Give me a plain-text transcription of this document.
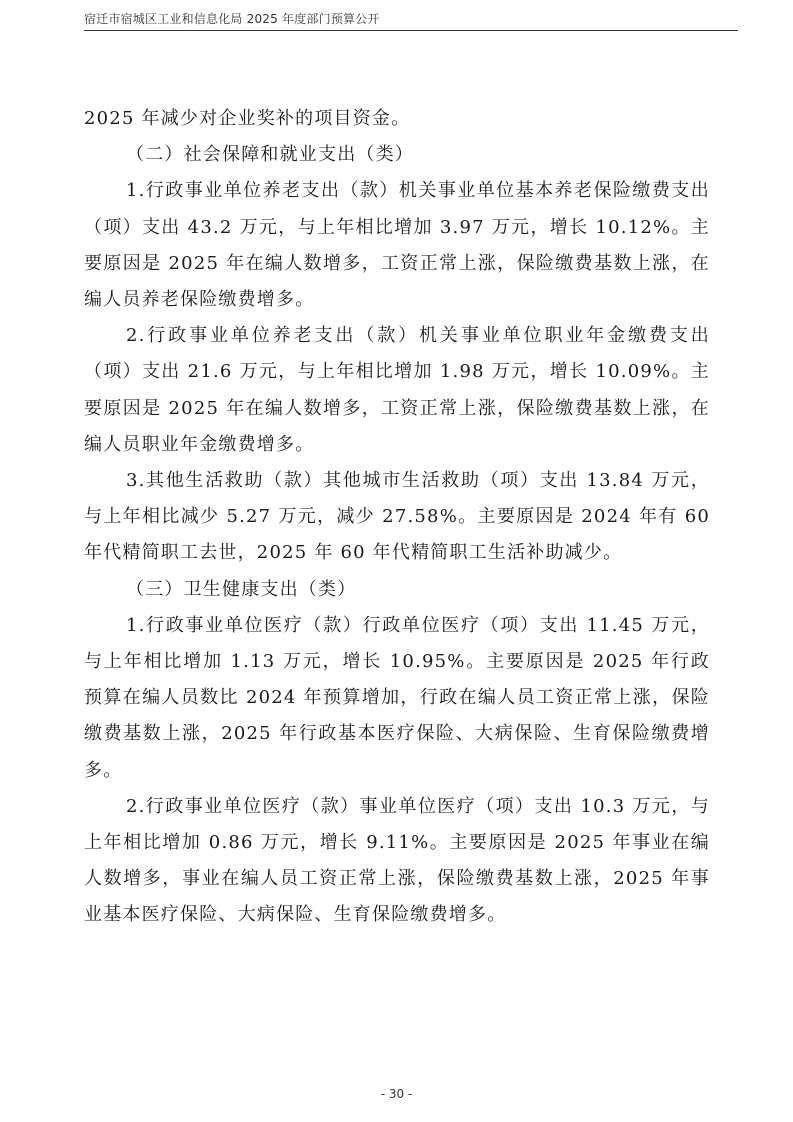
宿迁市宿城区工业和信息化局 2025 年度部门预算公开

2025 年减少对企业奖补的项目资金。

（二）社会保障和就业支出（类）

1.行政事业单位养老支出（款）机关事业单位基本养老保险缴费支出（项）支出 43.2 万元，与上年相比增加 3.97 万元，增长 10.12%。主要原因是 2025 年在编人数增多，工资正常上涨，保险缴费基数上涨，在编人员养老保险缴费增多。

2.行政事业单位养老支出（款）机关事业单位职业年金缴费支出（项）支出 21.6 万元，与上年相比增加 1.98 万元，增长 10.09%。主要原因是 2025 年在编人数增多，工资正常上涨，保险缴费基数上涨，在编人员职业年金缴费增多。

3.其他生活救助（款）其他城市生活救助（项）支出 13.84 万元，与上年相比减少 5.27 万元，减少 27.58%。主要原因是 2024 年有 60 年代精简职工去世，2025 年 60 年代精简职工生活补助减少。

（三）卫生健康支出（类）

1.行政事业单位医疗（款）行政单位医疗（项）支出 11.45 万元，与上年相比增加 1.13 万元，增长 10.95%。主要原因是 2025 年行政预算在编人员数比 2024 年预算增加，行政在编人员工资正常上涨，保险缴费基数上涨，2025 年行政基本医疗保险、大病保险、生育保险缴费增多。

2.行政事业单位医疗（款）事业单位医疗（项）支出 10.3 万元，与上年相比增加 0.86 万元，增长 9.11%。主要原因是 2025 年事业在编人数增多，事业在编人员工资正常上涨，保险缴费基数上涨，2025 年事业基本医疗保险、大病保险、生育保险缴费增多。

- 30 -
